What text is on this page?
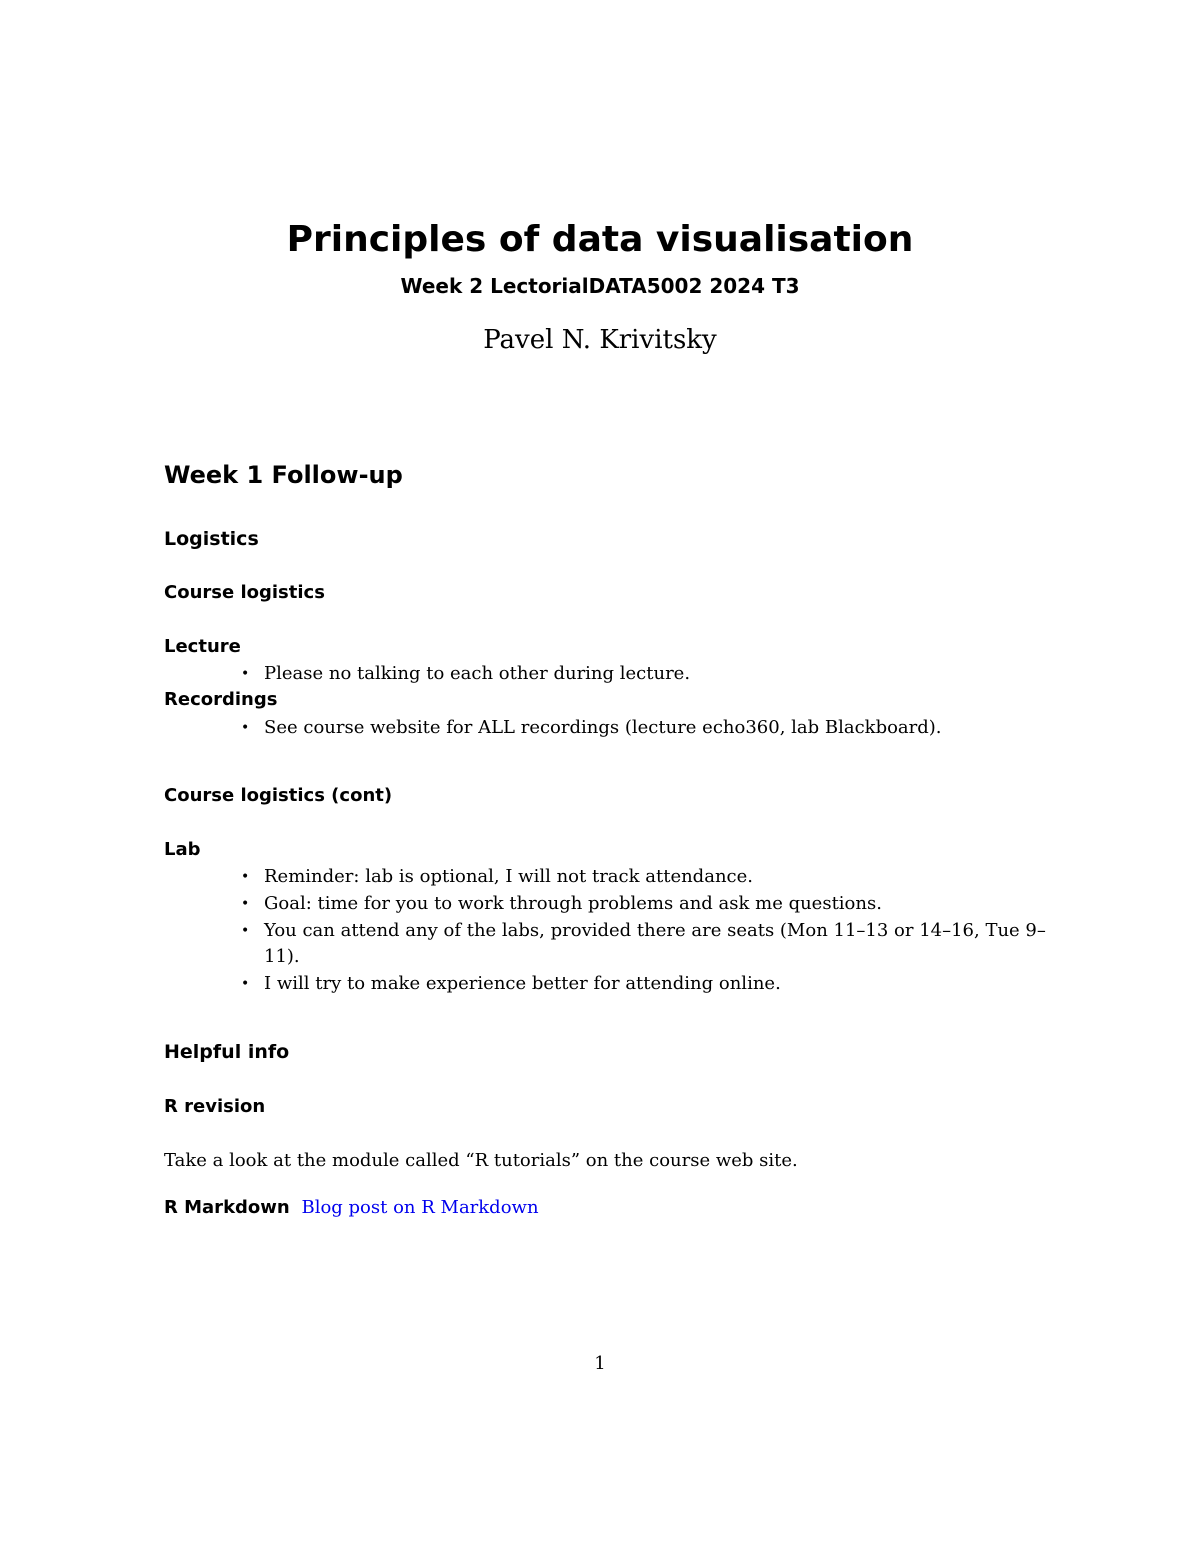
Principles of data visualisation
Week 2 LectorialDATA5002 2024 T3
Pavel N. Krivitsky
Week 1 Follow-up
Logistics
Course logistics
Lecture
• Please no talking to each other during lecture.
Recordings
• See course website for ALL recordings (lecture echo360, lab Blackboard).
Course logistics (cont)
Lab
• Reminder: lab is optional, I will not track attendance.
• Goal: time for you to work through problems and ask me questions.
• You can attend any of the labs, provided there are seats (Mon 11–13 or 14–16, Tue 9–11).
• I will try to make experience better for attending online.
Helpful info
R revision
Take a look at the module called “R tutorials” on the course web site.
R Markdown Blog post on R Markdown
1
